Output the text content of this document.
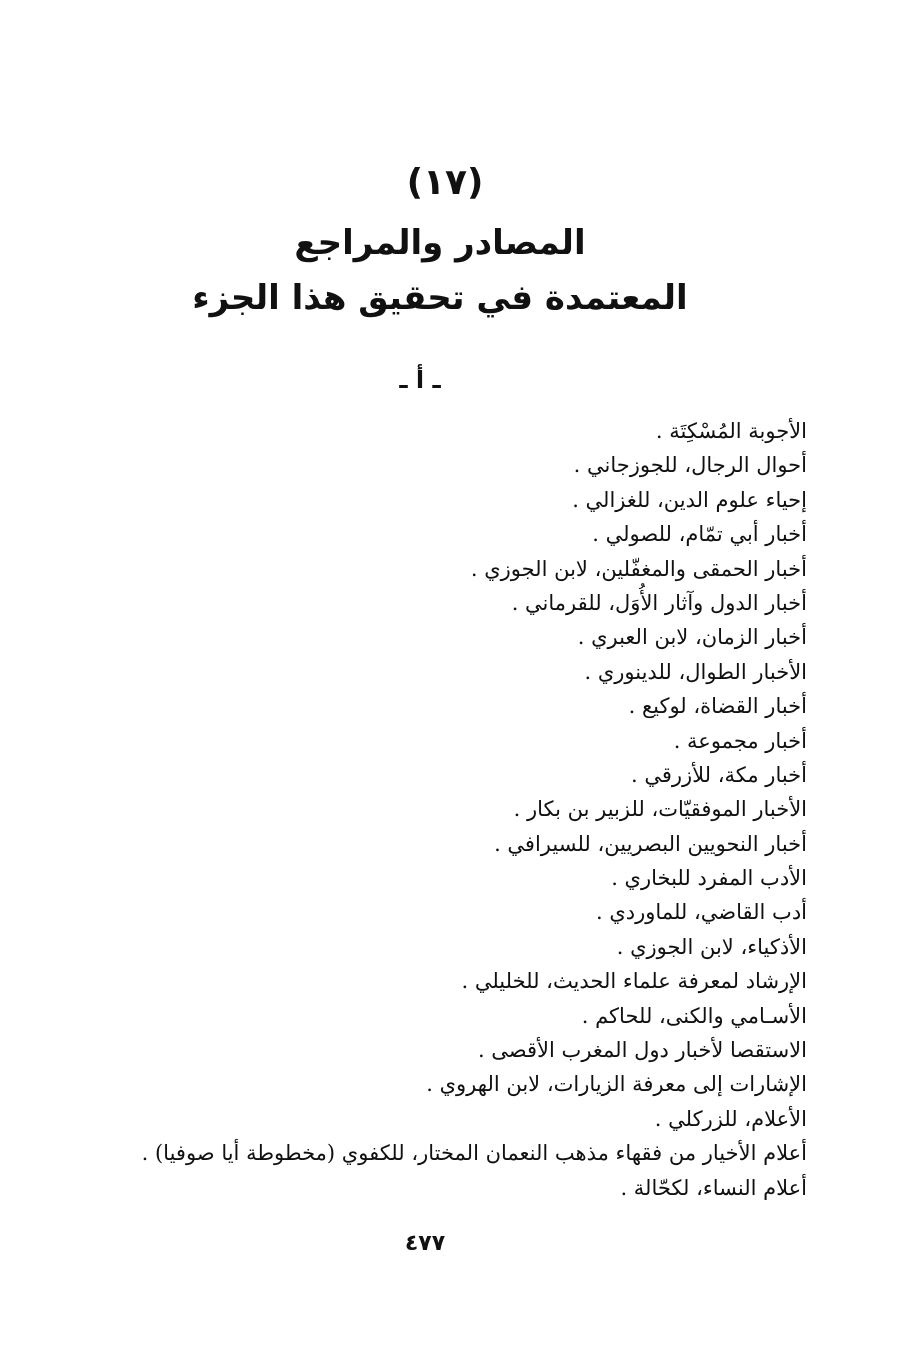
(١٧)
المصادر والمراجع
المعتمدة في تحقيق هذا الجزء
ـ أ ـ
الأجوبة المُسْكِتَة .
أحوال الرجال، للجوزجاني .
إحياء علوم الدين، للغزالي .
أخبار أبي تمّام، للصولي .
أخبار الحمقى والمغفّلين، لابن الجوزي .
أخبار الدول وآثار الأُوَل، للقرماني .
أخبار الزمان، لابن العبري .
الأخبار الطوال، للدينوري .
أخبار القضاة، لوكيع .
أخبار مجموعة .
أخبار مكة، للأزرقي .
الأخبار الموفقيّات، للزبير بن بكار .
أخبار النحويين البصريين، للسيرافي .
الأدب المفرد للبخاري .
أدب القاضي، للماوردي .
الأذكياء، لابن الجوزي .
الإرشاد لمعرفة علماء الحديث، للخليلي .
الأسـامي والكنى، للحاكم .
الاستقصا لأخبار دول المغرب الأقصى .
الإشارات إلى معرفة الزيارات، لابن الهروي .
الأعلام، للزركلي .
أعلام الأخيار من فقهاء مذهب النعمان المختار، للكفوي (مخطوطة أيا صوفيا) .
أعلام النساء، لكحّالة .
٤٧٧
